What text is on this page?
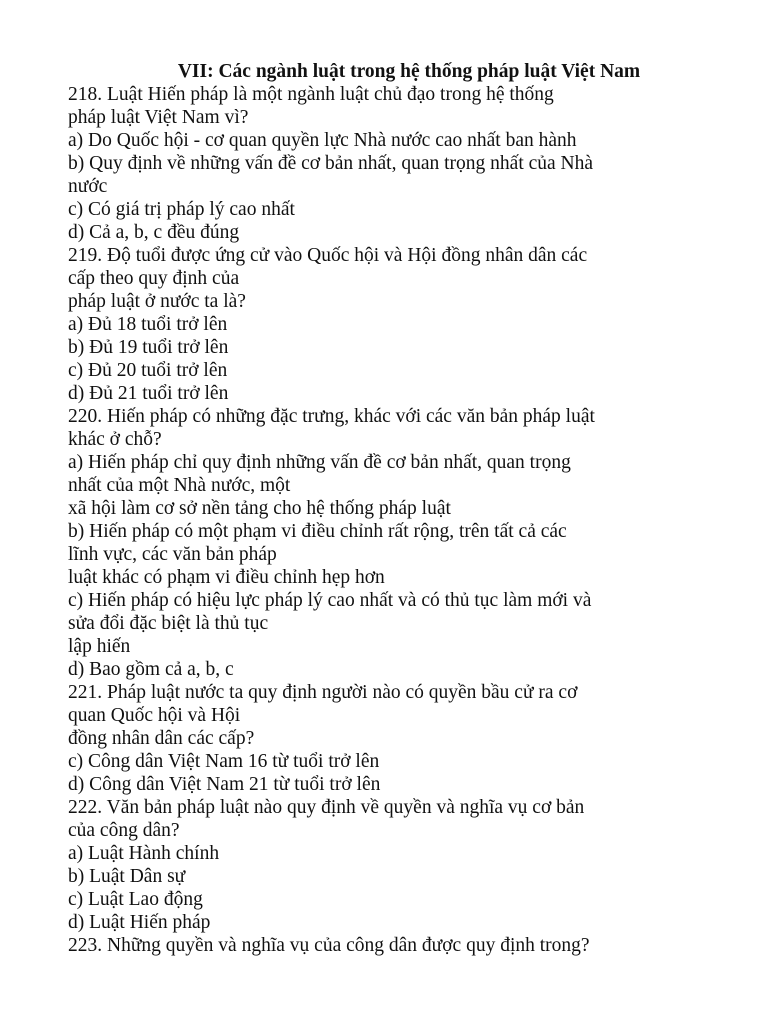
VII: Các ngành luật trong hệ thống pháp luật Việt Nam
218. Luật Hiến pháp là một ngành luật chủ đạo trong hệ thống
pháp luật Việt Nam vì?
a) Do Quốc hội - cơ quan quyền lực Nhà nước cao nhất ban hành
b) Quy định về những vấn đề cơ bản nhất, quan trọng nhất của Nhà
nước
c) Có giá trị pháp lý cao nhất
d) Cả a, b, c đều đúng
219. Độ tuổi được ứng cử vào Quốc hội và Hội đồng nhân dân các
cấp theo quy định của
pháp luật ở nước ta là?
a) Đủ 18 tuổi trở lên
b) Đủ 19 tuổi trở lên
c) Đủ 20 tuổi trở lên
d) Đủ 21 tuổi trở lên
220. Hiến pháp có những đặc trưng, khác với các văn bản pháp luật
khác ở chỗ?
a) Hiến pháp chỉ quy định những vấn đề cơ bản nhất, quan trọng
nhất của một Nhà nước, một
xã hội làm cơ sở nền tảng cho hệ thống pháp luật
b) Hiến pháp có một phạm vi điều chỉnh rất rộng, trên tất cả các
lĩnh vực, các văn bản pháp
luật khác có phạm vi điều chỉnh hẹp hơn
c) Hiến pháp có hiệu lực pháp lý cao nhất và có thủ tục làm mới và
sửa đổi đặc biệt là thủ tục
lập hiến
d) Bao gồm cả a, b, c
221. Pháp luật nước ta quy định người nào có quyền bầu cử ra cơ
quan Quốc hội và Hội
đồng nhân dân các cấp?
c) Công dân Việt Nam 16 từ tuổi trở lên
d) Công dân Việt Nam 21 từ tuổi trở lên
222. Văn bản pháp luật nào quy định về quyền và nghĩa vụ cơ bản
của công dân?
a) Luật Hành chính
b) Luật Dân sự
c) Luật Lao động
d) Luật Hiến pháp
223. Những quyền và nghĩa vụ của công dân được quy định trong?
